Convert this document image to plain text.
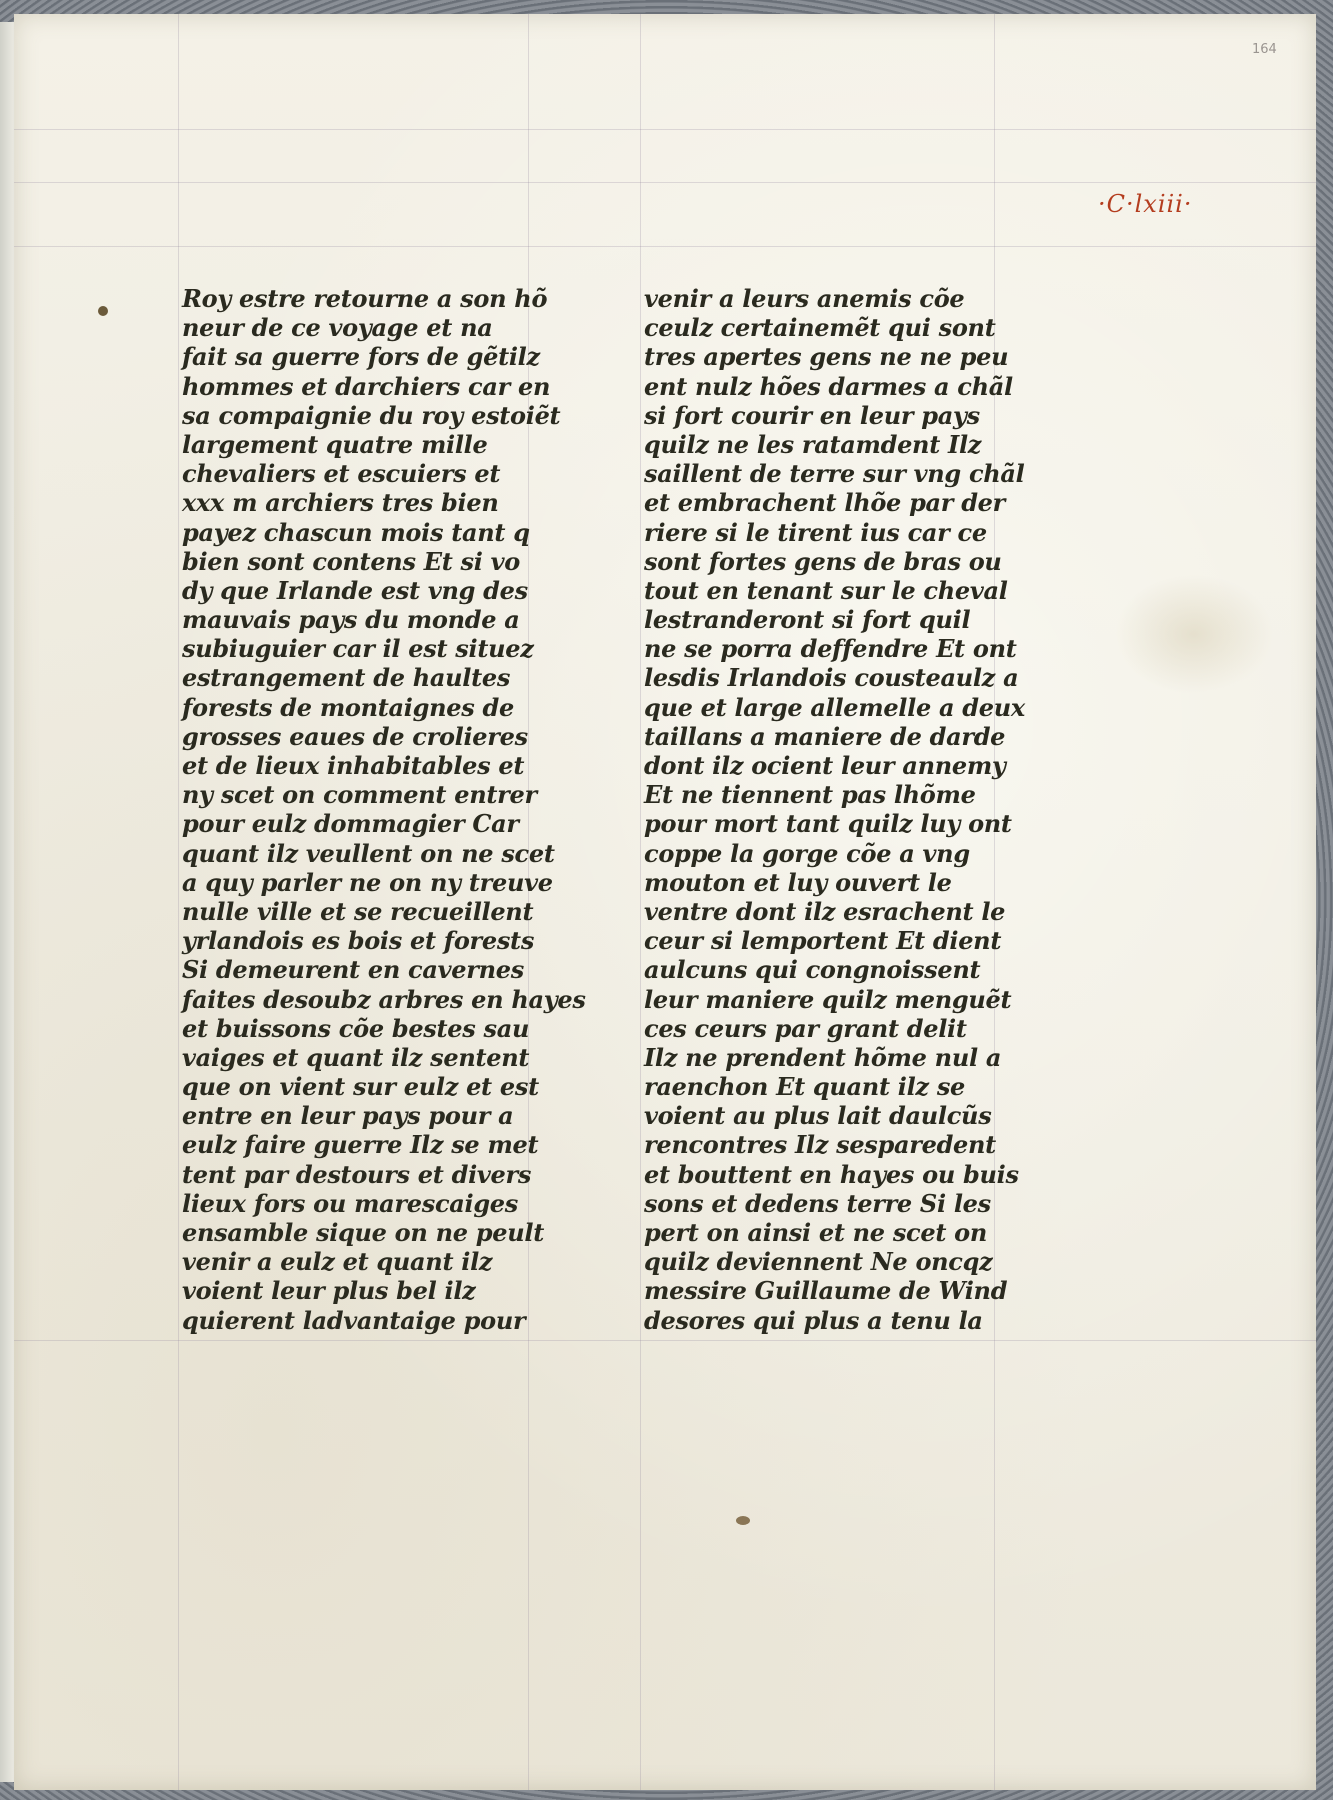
164
·C·lxiii·
Roy estre retourne a son hõ
neur de ce voyage et na
fait sa guerre fors de gẽtilz
hommes et darchiers car en
sa compaignie du roy estoiẽt
largement quatre mille
chevaliers et escuiers et
xxx m archiers tres bien
payez chascun mois tant q
bien sont contens Et si vo
dy que Irlande est vng des
mauvais pays du monde a
subiuguier car il est situez
estrangement de haultes
forests de montaignes de
grosses eaues de crolieres
et de lieux inhabitables et
ny scet on comment entrer
pour eulz dommagier Car
quant ilz veullent on ne scet
a quy parler ne on ny treuve
nulle ville et se recueillent
yrlandois es bois et forests
Si demeurent en cavernes
faites desoubz arbres en hayes
et buissons cõe bestes sau
vaiges et quant ilz sentent
que on vient sur eulz et est
entre en leur pays pour a
eulz faire guerre Ilz se met
tent par destours et divers
lieux fors ou marescaiges
ensamble sique on ne peult
venir a eulz et quant ilz
voient leur plus bel ilz
quierent ladvantaige pour
venir a leurs anemis cõe
ceulz certainemẽt qui sont
tres apertes gens ne ne peu
ent nulz hões darmes a chãl
si fort courir en leur pays
quilz ne les ratamdent Ilz
saillent de terre sur vng chãl
et embrachent lhõe par der
riere si le tirent ius car ce
sont fortes gens de bras ou
tout en tenant sur le cheval
lestranderont si fort quil
ne se porra deffendre Et ont
lesdis Irlandois cousteaulz a
que et large allemelle a deux
taillans a maniere de darde
dont ilz ocient leur annemy
Et ne tiennent pas lhõme
pour mort tant quilz luy ont
coppe la gorge cõe a vng
mouton et luy ouvert le
ventre dont ilz esrachent le
ceur si lemportent Et dient
aulcuns qui congnoissent
leur maniere quilz menguẽt
ces ceurs par grant delit
Ilz ne prendent hõme nul a
raenchon Et quant ilz se
voient au plus lait daulcũs
rencontres Ilz sesparedent
et bouttent en hayes ou buis
sons et dedens terre Si les
pert on ainsi et ne scet on
quilz deviennent Ne oncqz
messire Guillaume de Wind
desores qui plus a tenu la
